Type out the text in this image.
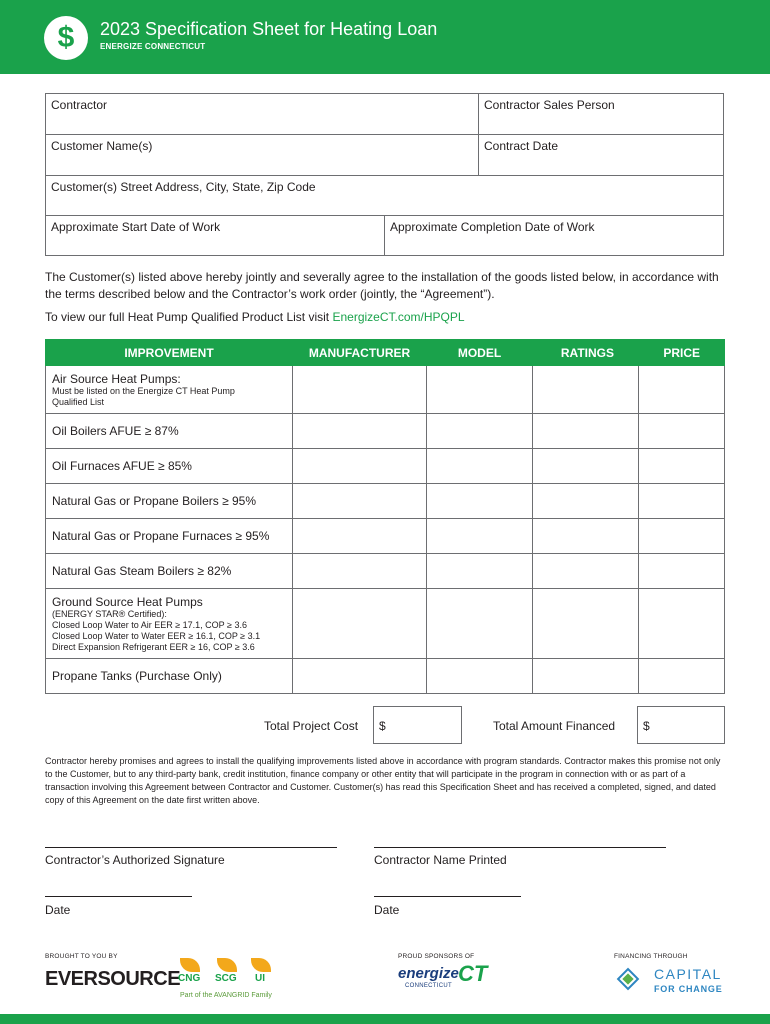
$	2023 Specification Sheet for Heating Loan
ENERGIZE CONNECTICUT
Contractor	Contractor Sales Person
Customer Name(s)	Contract Date
Customer(s) Street Address, City, State, Zip Code
Approximate Start Date of Work	Approximate Completion Date of Work
The Customer(s) listed above hereby jointly and severally agree to the installation of the goods listed below, in accordance with the terms described below and the Contractor’s work order (jointly, the “Agreement”).
To view our full Heat Pump Qualified Product List visit EnergizeCT.com/HPQPL
IMPROVEMENT	MANUFACTURER	MODEL	RATINGS	PRICE

Air Source Heat Pumps:
Must be listed on the Energize CT Heat Pump
Qualified List				

Oil Boilers AFUE ≥ 87%				

Oil Furnaces AFUE ≥ 85%				

Natural Gas or Propane Boilers ≥ 95%				

Natural Gas or Propane Furnaces ≥ 95%				

Natural Gas Steam Boilers ≥ 82%				

Ground Source Heat Pumps
(ENERGY STAR® Certified):
Closed Loop Water to Air EER ≥ 17.1, COP ≥ 3.6
Closed Loop Water to Water EER ≥ 16.1, COP ≥ 3.1
Direct Expansion Refrigerant EER ≥ 16, COP ≥ 3.6				

Propane Tanks (Purchase Only)				

Total Project Cost	$	Total Amount Financed	$
Contractor hereby promises and agrees to install the qualifying improvements listed above in accordance with program standards. Contractor makes this promise not only to the Customer, but to any third-party bank, credit institution, finance company or other entity that will participate in the program in connection with or as part of a transaction involving this Agreement between Contractor and Customer. Customer(s) has read this Specification Sheet and has received a completed, signed, and dated copy of this Agreement on the date first written above.
Contractor’s Authorized Signature	Contractor Name Printed
Date	Date
BROUGHT TO YOU BY
EVERSOURCE
CNG SCG UI
Part of the AVANGRID Family
PROUD SPONSORS OF
energize
CONNECTICUT CT
FINANCING THROUGH
CAPITAL
FOR CHANGE
